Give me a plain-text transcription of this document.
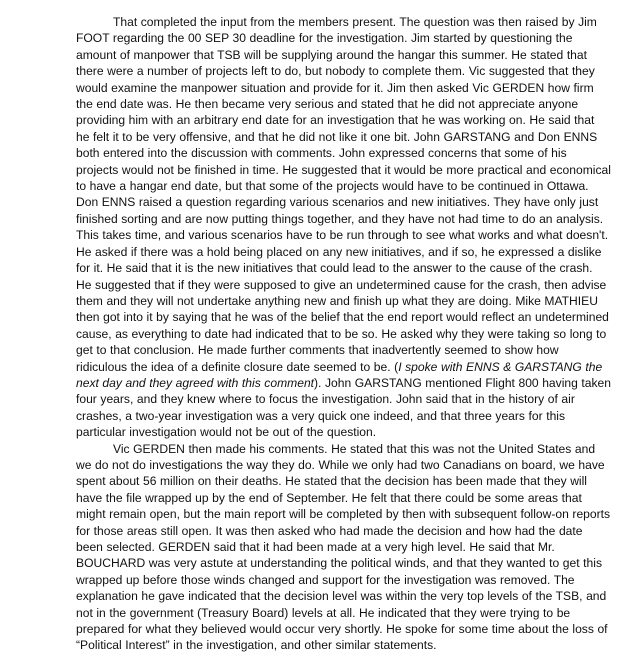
That completed the input from the members present. The question was then raised by Jim FOOT regarding the 00 SEP 30 deadline for the investigation. Jim started by questioning the amount of manpower that TSB will be supplying around the hangar this summer. He stated that there were a number of projects left to do, but nobody to complete them. Vic suggested that they would examine the manpower situation and provide for it. Jim then asked Vic GERDEN how firm the end date was. He then became very serious and stated that he did not appreciate anyone providing him with an arbitrary end date for an investigation that he was working on. He said that he felt it to be very offensive, and that he did not like it one bit. John GARSTANG and Don ENNS both entered into the discussion with comments. John expressed concerns that some of his projects would not be finished in time. He suggested that it would be more practical and economical to have a hangar end date, but that some of the projects would have to be continued in Ottawa. Don ENNS raised a question regarding various scenarios and new initiatives. They have only just finished sorting and are now putting things together, and they have not had time to do an analysis. This takes time, and various scenarios have to be run through to see what works and what doesn't. He asked if there was a hold being placed on any new initiatives, and if so, he expressed a dislike for it. He said that it is the new initiatives that could lead to the answer to the cause of the crash. He suggested that if they were supposed to give an undetermined cause for the crash, then advise them and they will not undertake anything new and finish up what they are doing. Mike MATHIEU then got into it by saying that he was of the belief that the end report would reflect an undetermined cause, as everything to date had indicated that to be so. He asked why they were taking so long to get to that conclusion. He made further comments that inadvertently seemed to show how ridiculous the idea of a definite closure date seemed to be. (I spoke with ENNS & GARSTANG the next day and they agreed with this comment). John GARSTANG mentioned Flight 800 having taken four years, and they knew where to focus the investigation. John said that in the history of air crashes, a two-year investigation was a very quick one indeed, and that three years for this particular investigation would not be out of the question.

Vic GERDEN then made his comments. He stated that this was not the United States and we do not do investigations the way they do. While we only had two Canadians on board, we have spent about 56 million on their deaths. He stated that the decision has been made that they will have the file wrapped up by the end of September. He felt that there could be some areas that might remain open, but the main report will be completed by then with subsequent follow-on reports for those areas still open. It was then asked who had made the decision and how had the date been selected. GERDEN said that it had been made at a very high level. He said that Mr. BOUCHARD was very astute at understanding the political winds, and that they wanted to get this wrapped up before those winds changed and support for the investigation was removed. The explanation he gave indicated that the decision level was within the very top levels of the TSB, and not in the government (Treasury Board) levels at all. He indicated that they were trying to be prepared for what they believed would occur very shortly. He spoke for some time about the loss of “Political Interest” in the investigation, and other similar statements.
